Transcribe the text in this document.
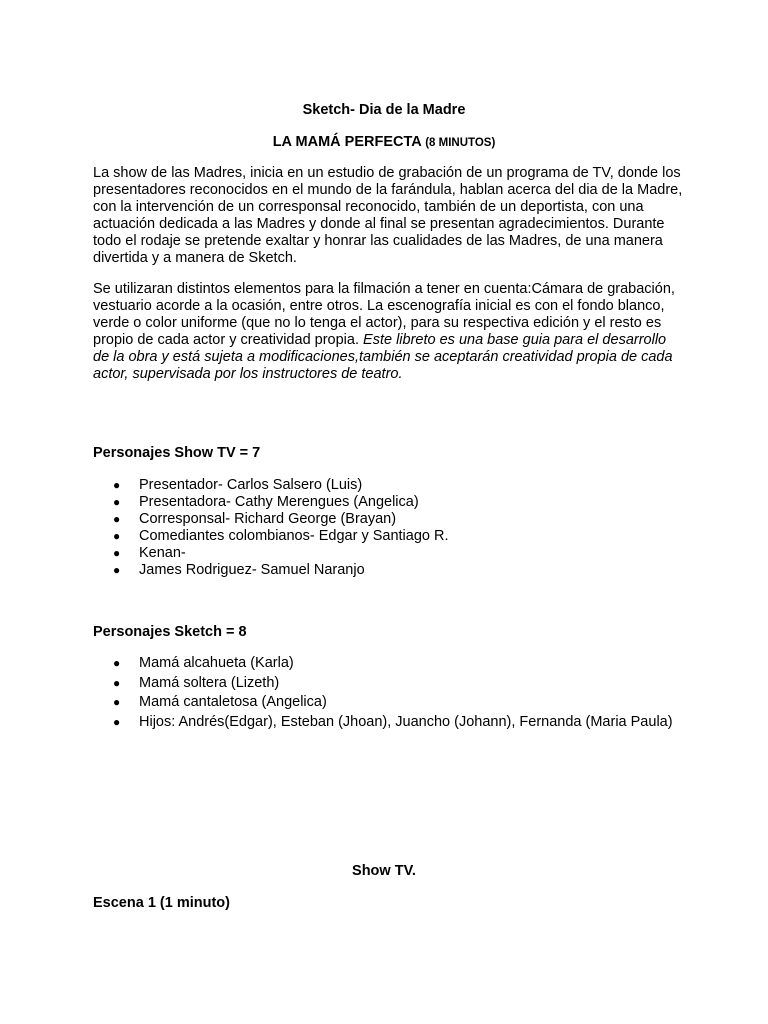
Sketch- Dia de la Madre
LA MAMÁ PERFECTA (8 MINUTOS)

La show de las Madres, inicia en un estudio de grabación de un programa de TV, donde los presentadores reconocidos en el mundo de la farándula, hablan acerca del dia de la Madre, con la intervención de un corresponsal reconocido, también de un deportista, con una actuación dedicada a las Madres y donde al final se presentan agradecimientos. Durante todo el rodaje se pretende exaltar y honrar las cualidades de las Madres, de una manera divertida y a manera de Sketch.

Se utilizaran distintos elementos para la filmación a tener en cuenta:Cámara de grabación, vestuario acorde a la ocasión, entre otros. La escenografía inicial es con el fondo blanco, verde o color uniforme (que no lo tenga el actor), para su respectiva edición y el resto es propio de cada actor y creatividad propia. Este libreto es una base guia para el desarrollo de la obra y está sujeta a modificaciones,también se aceptarán creatividad propia de cada actor, supervisada por los instructores de teatro.

Personajes Show TV = 7
● Presentador- Carlos Salsero (Luis)
● Presentadora- Cathy Merengues (Angelica)
● Corresponsal- Richard George (Brayan)
● Comediantes colombianos- Edgar y Santiago R.
● Kenan-
● James Rodriguez- Samuel Naranjo
Personajes Sketch = 8
● Mamá alcahueta (Karla)
● Mamá soltera (Lizeth)
● Mamá cantaletosa (Angelica)
● Hijos: Andrés(Edgar), Esteban (Jhoan), Juancho (Johann), Fernanda (Maria Paula)
Show TV.
Escena 1 (1 minuto)
